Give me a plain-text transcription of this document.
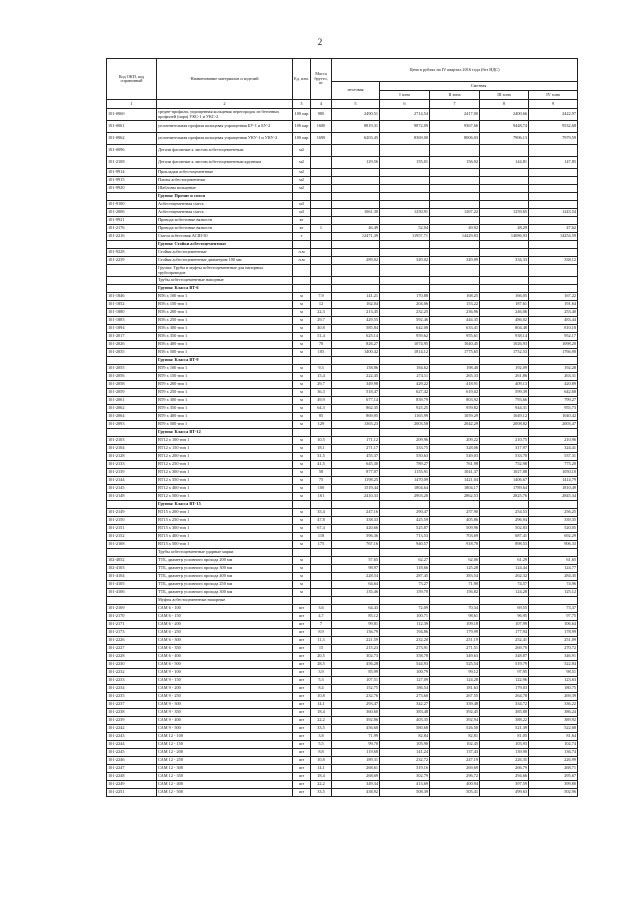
2
Код ОКП, код справочный	Наименование материалов и изделий	Ед. изм.	Масса брутто, кг	Цена в рублях на IV квартал 2016 года (без НДС)				
				итоговая	Сметная			
					I зона	II зона	III зона	IV зона
1	2	3	4	5	6	7	8	9
101-0060	средне-профили, упрощенная кольцевая перегородок из бетонных профилей (пара) УКС-1 и УКС-2	100 пар	980	2490,51	2714,54	2417,00	2400,66	2422,97
101-0061	уплотнительная профиля кольцевая упрощенная БУ-1 и БУ-2	100 пар	1600	8819,31	9872,09	9367,66	9448,74	9532,68
101-0062	уплотнительная профиля кольцевая упрощенная УКУ-1 и УКУ-2	100 пар	1690	6203,45	8369,00	8006,03	7906,13	7979,59
101-0096	Детали фасонные к листам асбестоцементным	м2						
101-2108	Детали фасонные к листам асбестоцементным крупным	м2		129,56	155,01	156,92	144,81	147,85
101-9914	Прокладки асбестоцементные	м2						
101-9915	Плиты асбестоцементные	м2						
101-9920	Шаблоны кольцевые	м2						
	Группа: Прочие и смеси							
101-9100	Асбестоцементная смесь	м3						
101-2006	Асбестоцементная смесь	м3		1061,30	1250,91	1267,22	1259,65	1243,54
101-9921	Провода асбестовые вязкости	кг						
101-2176	Провода асбестовые вязкости	кг	1	46,49	52,04	49,92	48,29	47,62
101-2216	Смеси асбестовая АСШ-50	т		12471,39	11957,71	14429,83	14086,93	14254,59
	Группа: Стойки асбестоцементные							
101-9228	Стойки асбестоцементные	п.м						
101-2239	Стойки асбестоцементные диаметром 100 мм	п.м		289,02	349,02	349,89	334,33	338,12
	Группа: Трубы и муфты асбестоцементные для напорных трубопроводов							
	Трубы асбестоцементные напорные							
	Группа: Класса ВТ-6							
101-1846	ВТ6 х 100 тип 1	м	7,9	141,21	170,88	168,25	166,05	167,22
101-1852	ВТ6 х 150 тип 1	м	12	162,04	204,06	153,22	187,61	191,64
101-1880	ВТ6 х 200 тип 1	м	22,3	213,45	232,25	236,96	246,06	253,40
101-1883	ВТ6 х 250 тип 1	м	29,7	429,55	592,46	444,35	486,02	483,44
101-1894	ВТ6 х 300 тип 1	м	40,8	585,84	642,08	633,41	804,48	810,18
101-2017	ВТ6 х 350 тип 1	м	51,4	625,14	959,62	955,61	938,14	952,17
101-2026	ВТ6 х 400 тип 1	м	70	826,27	1074,95	1040,45	1026,93	1098,20
101-2035	ВТ6 х 500 тип 1	м	105	1400,42	1814,12	1775,65	1752,53	1766,90
	Группа: Класса ВТ-9							
101-2055	ВТ9 х 100 тип 1	м	9,3	158,86	184,62	198,40	192,09	192,28
101-2056	ВТ9 х 150 тип 1	м	15,4	222,45	274,11	265,33	261,86	263,31
101-2058	ВТ9 х 200 тип 1	м	29,7	349,98	429,22	418,91	409,13	420,89
101-2059	ВТ9 х 250 тип 1	м	36,3	518,47	627,42	619,02	599,39	642,68
101-2061	ВТ9 х 300 тип 1	м	49,9	677,14	839,79	803,92	793,66	799,27
101-2062	ВТ9 х 350 тип 1	м	64,3	862,35	925,25	959,82	944,31	955,73
101-2064	ВТ9 х 400 тип 1	м	85	869,95	1165,99	1059,29	1049,12	1040,42
101-2093	ВТ9 х 500 тип 1	м	129	1365,23	2003,58	2042,29	2008,82	2003,47
	Группа: Класса ВТ-12							
101-2103	ВТ12 х 100 тип 1	м	10,5	171,12	209,96	209,22	210,75	210,96
101-2104	ВТ12 х 150 тип 1	м	18,1	271,17	333,75	328,06	317,97	324,41
101-2128	ВТ12 х 200 тип 1	м	31,5	455,37	550,63	549,03	533,70	537,31
101-2133	ВТ12 х 250 тип 1	м	41,5	645,30	789,27	761,98	752,98	775,20
101-2139	ВТ12 х 300 тип 1	м	58	877,07	1155,91	1041,37	1027,88	1050,10
101-2144	ВТ12 х 350 тип 1	м	75	1198,25	1470,09	1421,04	1406,67	1414,79
101-2145	ВТ12 х 400 тип 1	м	100	1519,44	1804,64	1804,17	1789,64	1810,49
101-2148	ВТ12 х 500 тип 1	м	161	2410,33	2903,20	2862,53	2825,76	2845,34
	Группа: Класса ВТ-15							
101-2149	ВТ15 х 200 тип 1	м	35,4	247,16	290,47	257,90	254,53	256,25
101-2150	ВТ15 х 250 тип 1	м	47,8	338,33	425,59	405,86	296,94	339,35
101-2151	ВТ15 х 300 тип 1	м	67,4	420,66	525,87	509,96	502,83	520,05
101-2152	ВТ15 х 400 тип 1	м	118	596,36	713,53	703,69	687,41	692,29
101-2168	ВТ15 х 500 тип 1	м	175	767,16	940,57	918,78	898,53	906,33
	Трубы асбестоцементные ударные марки							
102-4052	ТТБ, диаметр условного прохода 200 мм	м		57,65	62,27	62,06	61,29	61,65
102-4103	ТТБ, диаметр условного прохода 300 мм	м		98,97	118,66	125,28	124,44	124,77
101-4104	ТТБ, диаметр условного прохода 400 мм	м		228,54	287,45	383,54	262,32	284,45
101-4105	ТТБ, диаметр условного прохода 250 мм	м		64,64	73,27	71,90	74,57	74,96
101-4106	ТТБ, диаметр условного прохода 300 мм	м		135,46	159,70	156,82	124,28	125,12
	Муфты асбестоцементные напорные							
101-2169	САМ 6 - 100	шт	3,6	64,43	72,09	70,34	69,55	73,37
101-2170	САМ 6 - 150	шт	4,7	85,12	100,71	98,61	96,95	97,75
101-2171	САМ 6 - 200	шт	7	99,81	112,39	109,18	107,99	106,64
101-2173	САМ 6 - 250	шт	8,9	136,79	194,86	179,99	177,94	178,99
101-2226	САМ 6 - 300	шт	11,3	221,59	232,20	251,19	252,41	251,09
101-2227	САМ 6 - 350	шт	15	215,23	273,91	271,51	269,70	270,72
101-2228	САМ 6 - 400	шт	20,5	302,73	358,78	349,63	348,87	346,91
101-2230	САМ 6 - 500	шт	28,5	456,28	544,93	525,54	519,79	522,84
101-2232	САМ 9 - 100	шт	3,9	85,99	100,79	99,12	97,95	98,51
101-2233	САМ 9 - 150	шт	5,3	107,51	127,09	124,28	122,96	123,63
101-2234	САМ 9 - 200	шт	8,4	152,75	186,54	181,63	179,03	180,75
101-2235	САМ 9 - 250	шт	10,8	232,76	273,60	267,55	264,78	269,39
101-2237	САМ 9 - 300	шт	14,1	293,47	342,27	339,48	334,72	336,22
101-2238	САМ 9 - 350	шт	18,4	360,60	383,48	392,45	385,88	386,24
101-2239	САМ 9 - 400	шт	22,2	392,86	403,35	392,94	388,22	389,92
101-2242	САМ 9 - 500	шт	33,5	456,60	580,68	526,50	521,39	522,68
101-2243	САМ 12 - 100	шт	3,8	71,99	82,84	82,81	81,05	81,64
101-2244	САМ 12 - 150	шт	5,5	99,70	105,90	102,45	103,93	102,74
101-2245	САМ 12 - 200	шт	8,8	119,68	141,24	137,43	139,90	136,74
101-2246	САМ 12 - 250	шт	10,8	189,31	232,72	247,19	226,35	226,99
101-2247	САМ 12 - 300	шт	14,1	268,61	319,16	269,69	266,79	268,71
101-2248	САМ 12 - 350	шт	18,4	268,69	302,79	296,72	294,66	295,67
101-2249	САМ 12 - 400	шт	22,2	349,34	413,69	400,94	397,59	399,80
101-2251	САМ 12 - 500	шт	33,5	438,92	508,39	505,41	499,63	502,96
